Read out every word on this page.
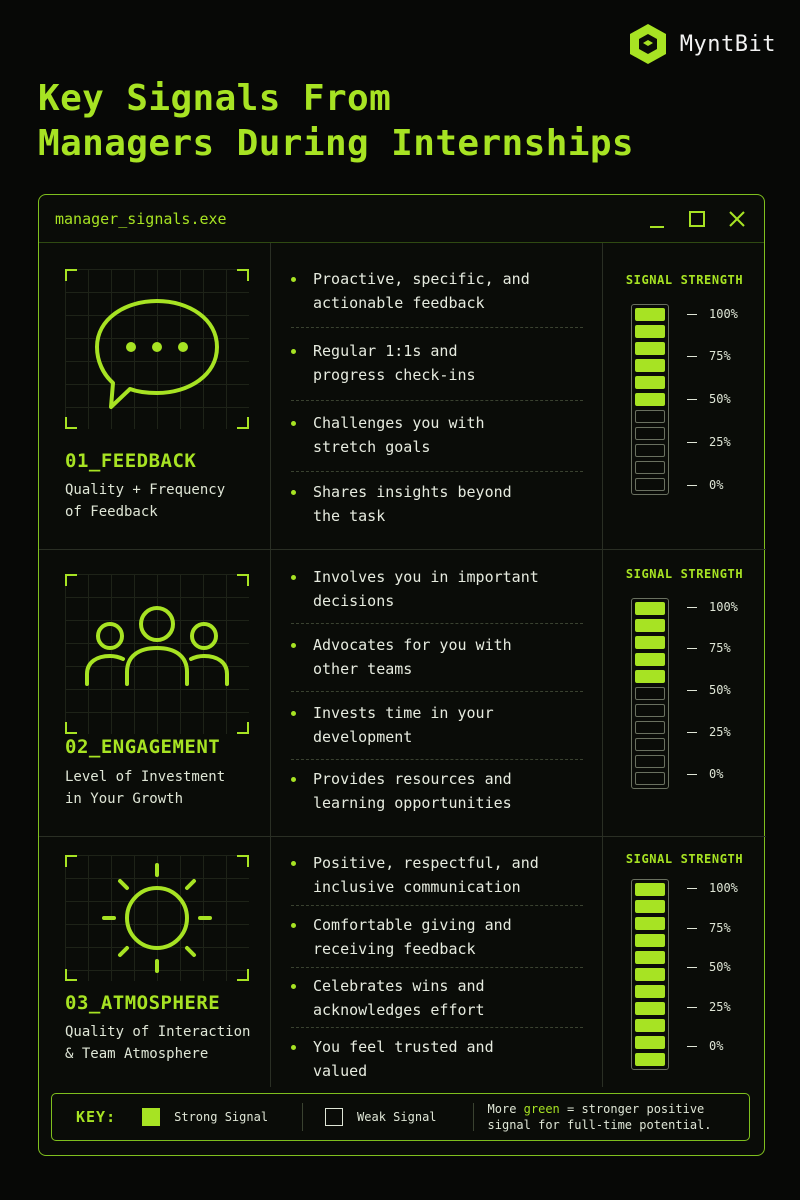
MyntBit
Key Signals From
Managers During Internships
manager_signals.exe
01_FEEDBACK
Quality + Frequency
of Feedback
Proactive, specific, and
actionable feedback
Regular 1:1s and
progress check-ins
Challenges you with
stretch goals
Shares insights beyond
the task
SIGNAL STRENGTH
100%
75%
50%
25%
0%
02_ENGAGEMENT
Level of Investment
in Your Growth
Involves you in important
decisions
Advocates for you with
other teams
Invests time in your
development
Provides resources and
learning opportunities
SIGNAL STRENGTH
100%
75%
50%
25%
0%
03_ATMOSPHERE
Quality of Interaction
& Team Atmosphere
Positive, respectful, and
inclusive communication
Comfortable giving and
receiving feedback
Celebrates wins and
acknowledges effort
You feel trusted and
valued
SIGNAL STRENGTH
100%
75%
50%
25%
0%
KEY:	Strong Signal	Weak Signal
More green = stronger positive
signal for full-time potential.
